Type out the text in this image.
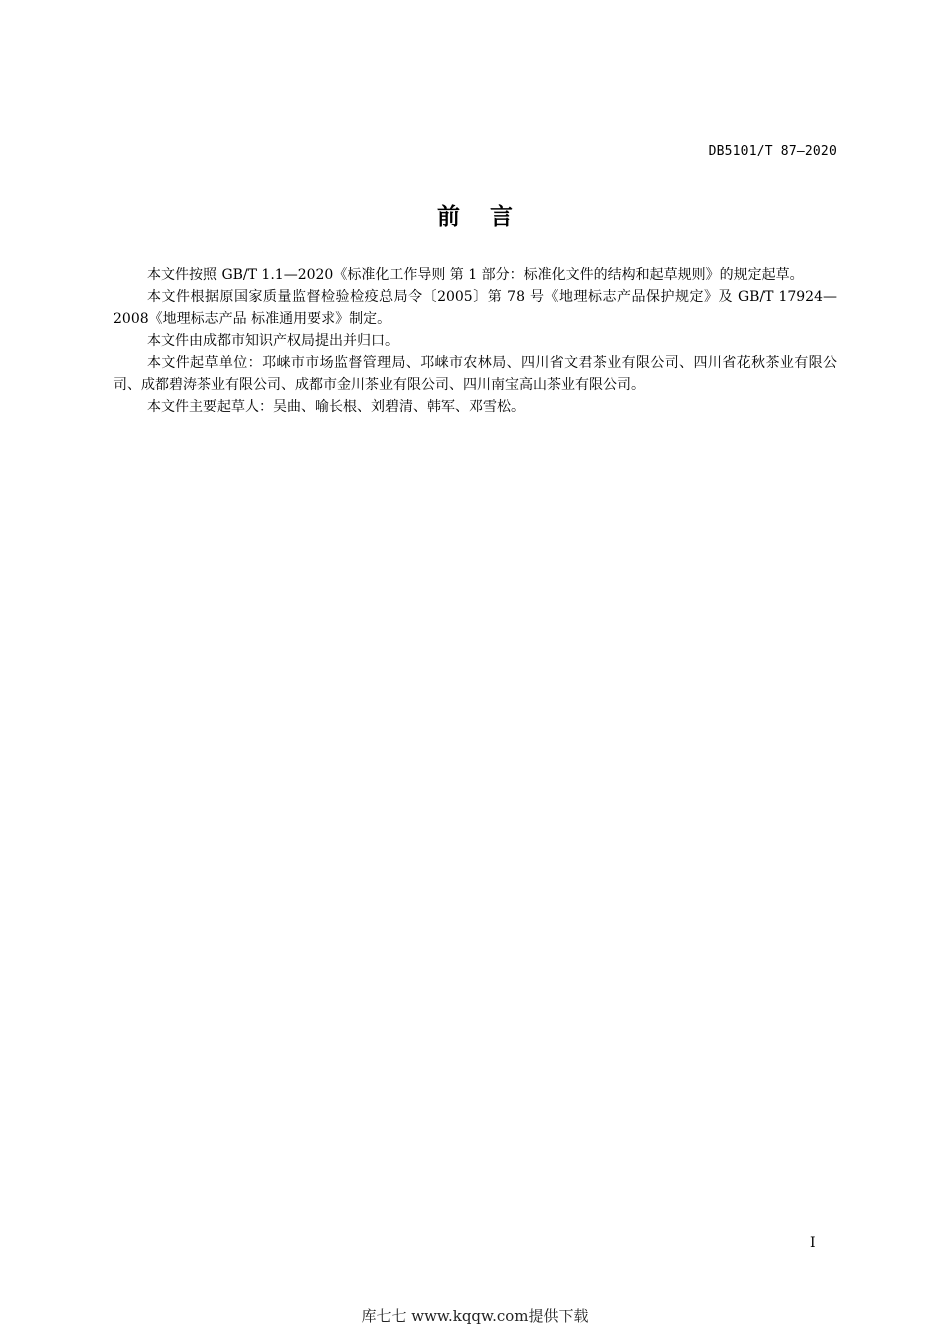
DB5101/T 87—2020
前言

本文件按照 GB/T 1.1—2020《标准化工作导则 第 1 部分：标准化文件的结构和起草规则》的规定起草。

本文件根据原国家质量监督检验检疫总局令〔2005〕第 78 号《地理标志产品保护规定》及 GB/T 17924—2008《地理标志产品 标准通用要求》制定。

本文件由成都市知识产权局提出并归口。

本文件起草单位：邛崃市市场监督管理局、邛崃市农林局、四川省文君茶业有限公司、四川省花秋茶业有限公司、成都碧涛茶业有限公司、成都市金川茶业有限公司、四川南宝高山茶业有限公司。

本文件主要起草人：吴曲、喻长根、刘碧清、韩军、邓雪松。

I
库七七 www.kqqw.com提供下载
